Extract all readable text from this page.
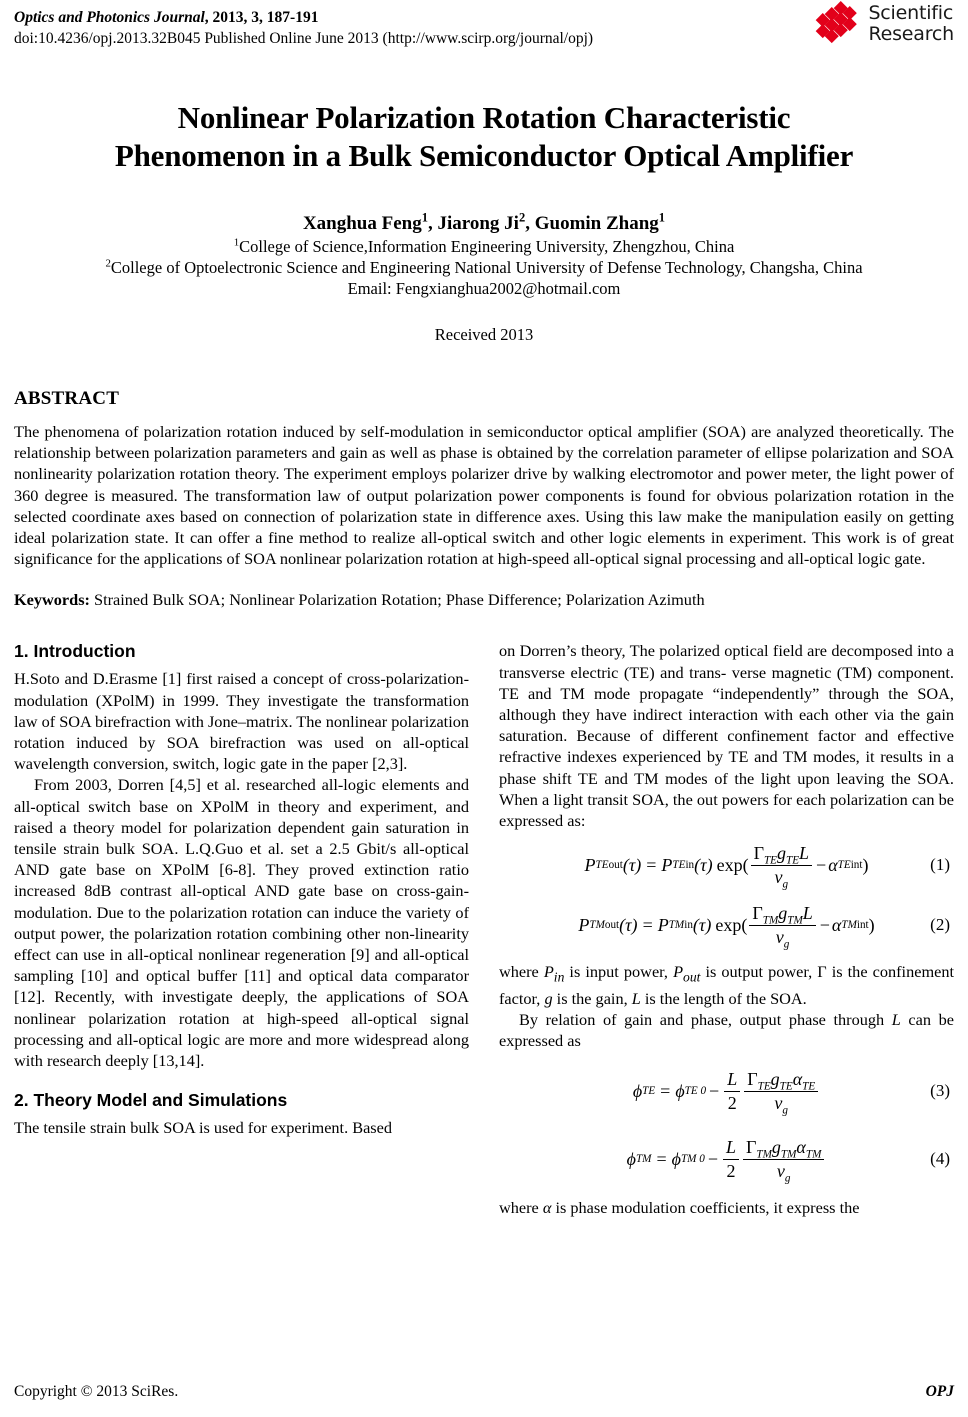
Optics and Photonics Journal, 2013, 3, 187-191
doi:10.4236/opj.2013.32B045 Published Online June 2013 (http://www.scirp.org/journal/opj)
Scientific
Research
Nonlinear Polarization Rotation Characteristic
Phenomenon in a Bulk Semiconductor Optical Amplifier
Xanghua Feng$^1$, Jiarong Ji$^2$, Guomin Zhang$^1$
$^1$College of Science,Information Engineering University, Zhengzhou, China
$^2$College of Optoelectronic Science and Engineering National University of Defense Technology, Changsha, China
Email: Fengxianghua2002@hotmail.com
Received 2013
ABSTRACT
The phenomena of polarization rotation induced by self-modulation in semiconductor optical amplifier (SOA) are analyzed theoretically. The relationship between polarization parameters and gain as well as phase is obtained by the correlation parameter of ellipse polarization and SOA nonlinearity polarization rotation theory. The experiment employs polarizer drive by walking electromotor and power meter, the light power of 360 degree is measured. The transformation law of output polarization power components is found for obvious polarization rotation in the selected coordinate axes based on connection of polarization state in difference axes. Using this law make the manipulation easily on getting ideal polarization state. It can offer a fine method to realize all-optical switch and other logic elements in experiment. This work is of great significance for the applications of SOA nonlinear polarization rotation at high-speed all-optical signal processing and all-optical logic gate.
Keywords: Strained Bulk SOA; Nonlinear Polarization Rotation; Phase Difference; Polarization Azimuth
1. Introduction

H.Soto and D.Erasme [1] first raised a concept of cross-polarization-modulation (XPolM) in 1999. They investigate the transformation law of SOA birefraction with Jone–matrix. The nonlinear polarization rotation induced by SOA birefraction was used on all-optical wavelength conversion, switch, logic gate in the paper [2,3].

From 2003, Dorren [4,5] et al. researched all-logic elements and all-optical switch base on XPolM in theory and experiment, and raised a theory model for polarization dependent gain saturation in tensile strain bulk SOA. L.Q.Guo et al. set a 2.5 Gbit/s all-optical AND gate base on XPolM [6-8]. They proved extinction ratio increased 8dB contrast all-optical AND gate base on cross-gain-modulation. Due to the polarization rotation can induce the variety of output power, the polarization rotation combining other non-linearity effect can use in all-optical nonlinear regeneration [9] and all-optical sampling [10] and optical buffer [11] and optical data comparator [12]. Recently, with investigate deeply, the applications of SOA nonlinear polarization rotation at high-speed all-optical signal processing and all-optical logic are more and more widespread along with research deeply [13,14].

2. Theory Model and Simulations

The tensile strain bulk SOA is used for experiment. Based

on Dorren’s theory, The polarized optical field are decomposed into a transverse electric (TE) and trans- verse magnetic (TM) component. TE and TM mode propagate “independently” through the SOA, although they have indirect interaction with each other via the gain saturation. Because of different confinement factor and effective refractive indexes experienced by TE and TM modes, it results in a phase shift TE and TM modes of the light upon leaving the SOA. When a light transit SOA, the out powers for each polarization can be expressed as:

P TE out (τ) = P TE in (τ) $\exp( \frac{\Gamma_{TE}g_{TE}L}{v_g} - \alpha$ TE int )	(1)
P TM out (τ) = P TM in (τ) $\exp( \frac{\Gamma_{TM}g_{TM}L}{v_g} - \alpha$ TM int )	(2)

where $P_{in}$ is input power, $P_{out}$ is output power, Γ is the confinement factor, g is the gain, L is the length of the SOA.

By relation of gain and phase, output phase through L can be expressed as

ϕ TE = ϕ TE $0 - \frac{L}{2} \frac{\Gamma_{TE}g_{TE}\alpha_{TE}}{v_g}$	(3)
ϕ TM = ϕ TM $0 - \frac{L}{2} \frac{\Gamma_{TM}g_{TM}\alpha_{TM}}{v_g}$	(4)

where α is phase modulation coefficients, it express the

Copyright © 2013 SciRes.	OPJ
